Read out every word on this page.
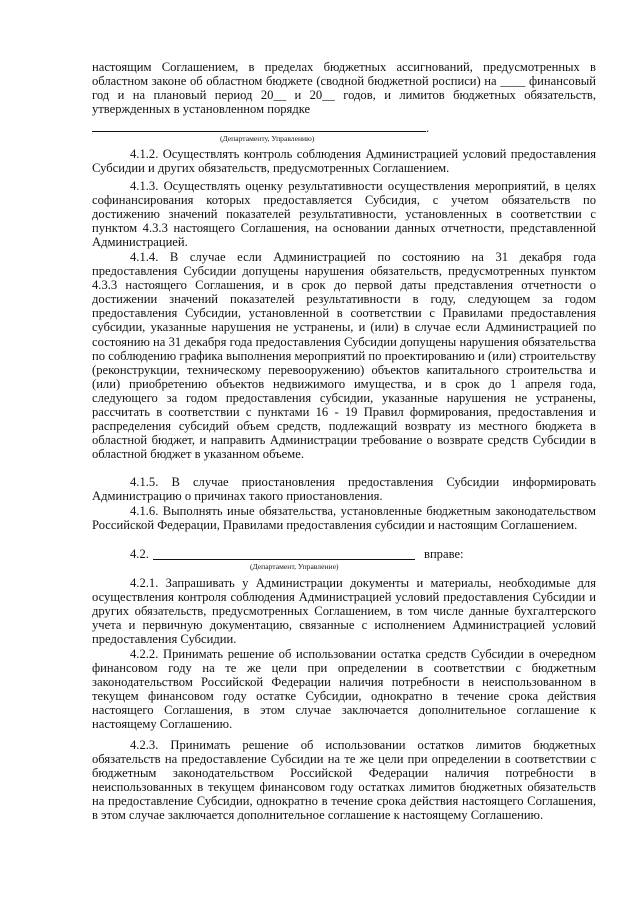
настоящим Соглашением, в пределах бюджетных ассигнований, предусмотренных в областном законе об областном бюджете (сводной бюджетной росписи) на ____ финансовый год и на плановый период 20__ и 20__ годов, и лимитов бюджетных обязательств, утвержденных в установленном порядке

.
(Департаменту, Управлению)

4.1.2. Осуществлять контроль соблюдения Администрацией условий предоставления Субсидии и других обязательств, предусмотренных Соглашением.

4.1.3. Осуществлять оценку результативности осуществления мероприятий, в целях софинансирования которых предоставляется Субсидия, с учетом обязательств по достижению значений показателей результативности, установленных в соответствии с пунктом 4.3.3 настоящего Соглашения, на основании данных отчетности, представленной Администрацией.

4.1.4. В случае если Администрацией по состоянию на 31 декабря года предоставления Субсидии допущены нарушения обязательств, предусмотренных пунктом 4.3.3 настоящего Соглашения, и в срок до первой даты представления отчетности о достижении значений показателей результативности в году, следующем за годом предоставления Субсидии, установленной в соответствии с Правилами предоставления субсидии, указанные нарушения не устранены, и (или) в случае если Администрацией по состоянию на 31 декабря года предоставления Субсидии допущены нарушения обязательства по соблюдению графика выполнения мероприятий по проектированию и (или) строительству (реконструкции, техническому перевооружению) объектов капитального строительства и (или) приобретению объектов недвижимого имущества, и в срок до 1 апреля года, следующего за годом предоставления субсидии, указанные нарушения не устранены, рассчитать в соответствии с пунктами 16 - 19 Правил формирования, предоставления и распределения субсидий объем средств, подлежащий возврату из местного бюджета в областной бюджет, и направить Администрации требование о возврате средств Субсидии в областной бюджет в указанном объеме.

4.1.5. В случае приостановления предоставления Субсидии информировать Администрацию о причинах такого приостановления.

4.1.6. Выполнять иные обязательства, установленные бюджетным законодательством Российской Федерации, Правилами предоставления субсидии и настоящим Соглашением.

4.2.	вправе:
(Департамент, Управление)

4.2.1. Запрашивать у Администрации документы и материалы, необходимые для осуществления контроля соблюдения Администрацией условий предоставления Субсидии и других обязательств, предусмотренных Соглашением, в том числе данные бухгалтерского учета и первичную документацию, связанные с исполнением Администрацией условий предоставления Субсидии.

4.2.2. Принимать решение об использовании остатка средств Субсидии в очередном финансовом году на те же цели при определении в соответствии с бюджетным законодательством Российской Федерации наличия потребности в неиспользованном в текущем финансовом году остатке Субсидии, однократно в течение срока действия настоящего Соглашения, в этом случае заключается дополнительное соглашение к настоящему Соглашению.

4.2.3. Принимать решение об использовании остатков лимитов бюджетных обязательств на предоставление Субсидии на те же цели при определении в соответствии с бюджетным законодательством Российской Федерации наличия потребности в неиспользованных в текущем финансовом году остатках лимитов бюджетных обязательств на предоставление Субсидии, однократно в течение срока действия настоящего Соглашения, в этом случае заключается дополнительное соглашение к настоящему Соглашению.
